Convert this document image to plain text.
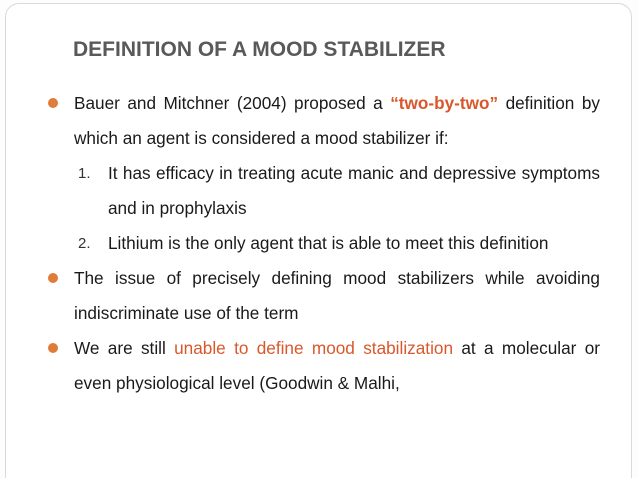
DEFINITION OF A MOOD STABILIZER
Bauer and Mitchner (2004) proposed a “two-by-two” definition by which an agent is considered a mood stabilizer if:
1. It has efficacy in treating acute manic and depressive symptoms and in prophylaxis
2. Lithium is the only agent that is able to meet this definition
The issue of precisely defining mood stabilizers while avoiding indiscriminate use of the term
We are still unable to define mood stabilization at a molecular or even physiological level (Goodwin & Malhi,
